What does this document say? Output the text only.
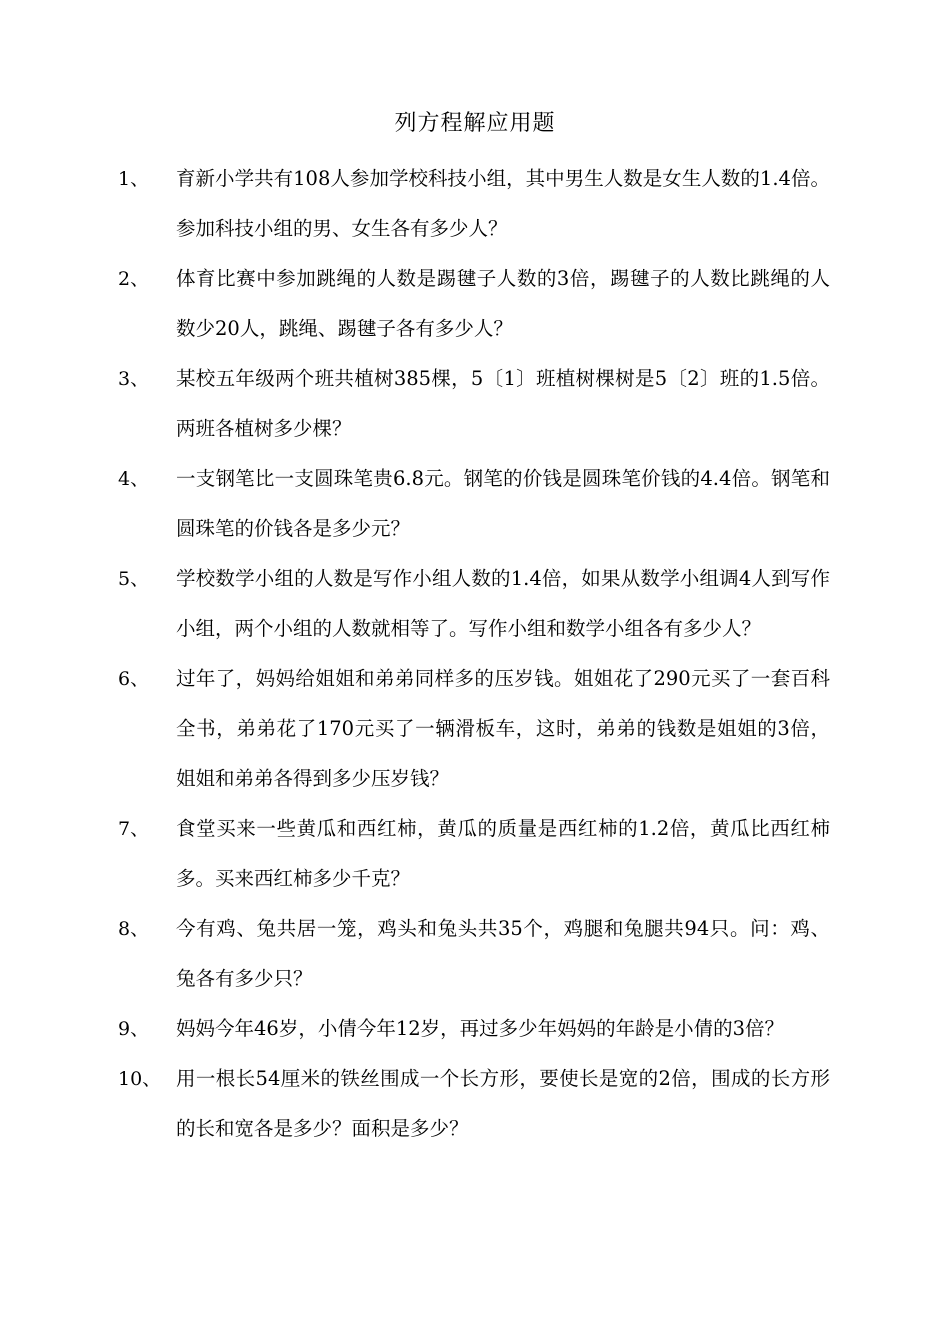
列方程解应用题
1、 育新小学共有108人参加学校科技小组，其中男生人数是女生人数的1.4倍。参加科技小组的男、女生各有多少人？
2、 体育比赛中参加跳绳的人数是踢毽子人数的3倍，踢毽子的人数比跳绳的人数少20人，跳绳、踢毽子各有多少人？
3、 某校五年级两个班共植树385棵，5〔1〕班植树棵树是5〔2〕班的1.5倍。两班各植树多少棵？
4、 一支钢笔比一支圆珠笔贵6.8元。钢笔的价钱是圆珠笔价钱的4.4倍。钢笔和圆珠笔的价钱各是多少元？
5、 学校数学小组的人数是写作小组人数的1.4倍，如果从数学小组调4人到写作小组，两个小组的人数就相等了。写作小组和数学小组各有多少人？
6、 过年了，妈妈给姐姐和弟弟同样多的压岁钱。姐姐花了290元买了一套百科全书，弟弟花了170元买了一辆滑板车，这时，弟弟的钱数是姐姐的3倍，姐姐和弟弟各得到多少压岁钱？
7、 食堂买来一些黄瓜和西红柿，黄瓜的质量是西红柿的1.2倍，黄瓜比西红柿多。买来西红柿多少千克？
8、 今有鸡、兔共居一笼，鸡头和兔头共35个，鸡腿和兔腿共94只。问：鸡、兔各有多少只？
9、 妈妈今年46岁，小倩今年12岁，再过多少年妈妈的年龄是小倩的3倍？
10、 用一根长54厘米的铁丝围成一个长方形，要使长是宽的2倍，围成的长方形的长和宽各是多少？面积是多少？
